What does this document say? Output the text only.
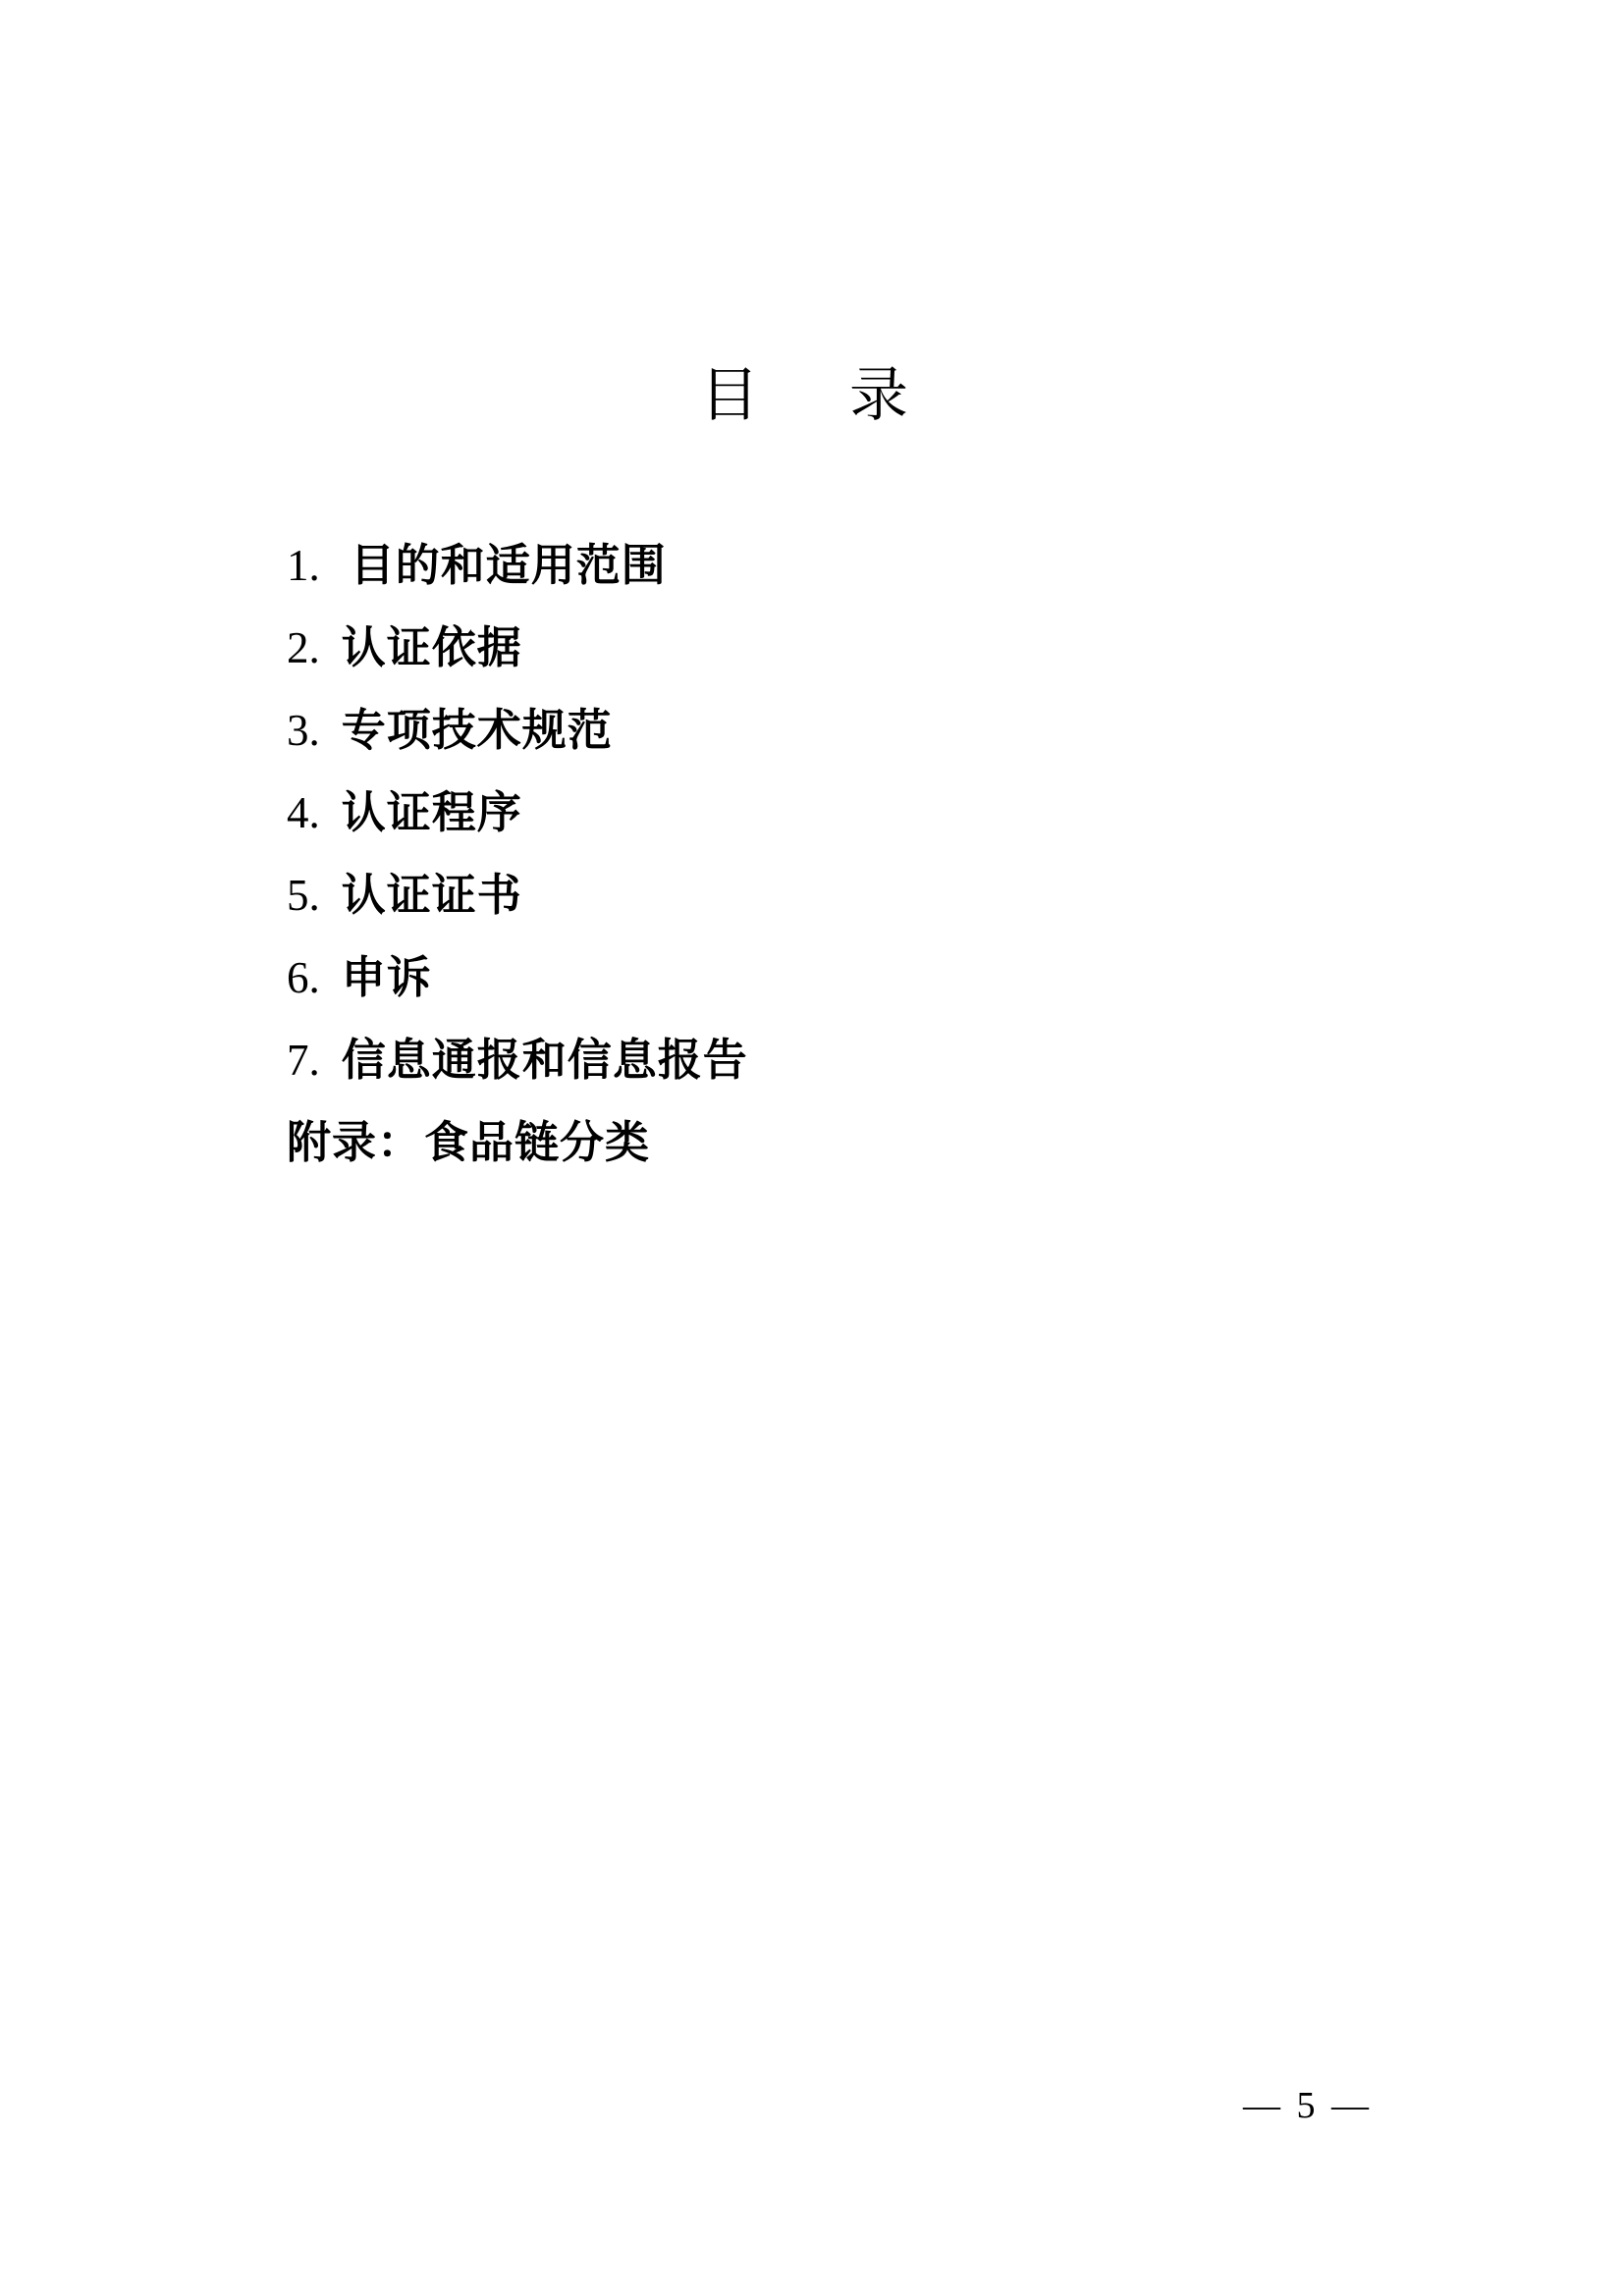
目　录
1. 目的和适用范围
2. 认证依据
3. 专项技术规范
4. 认证程序
5. 认证证书
6. 申诉
7. 信息通报和信息报告
附录：食品链分类
— 5 —
